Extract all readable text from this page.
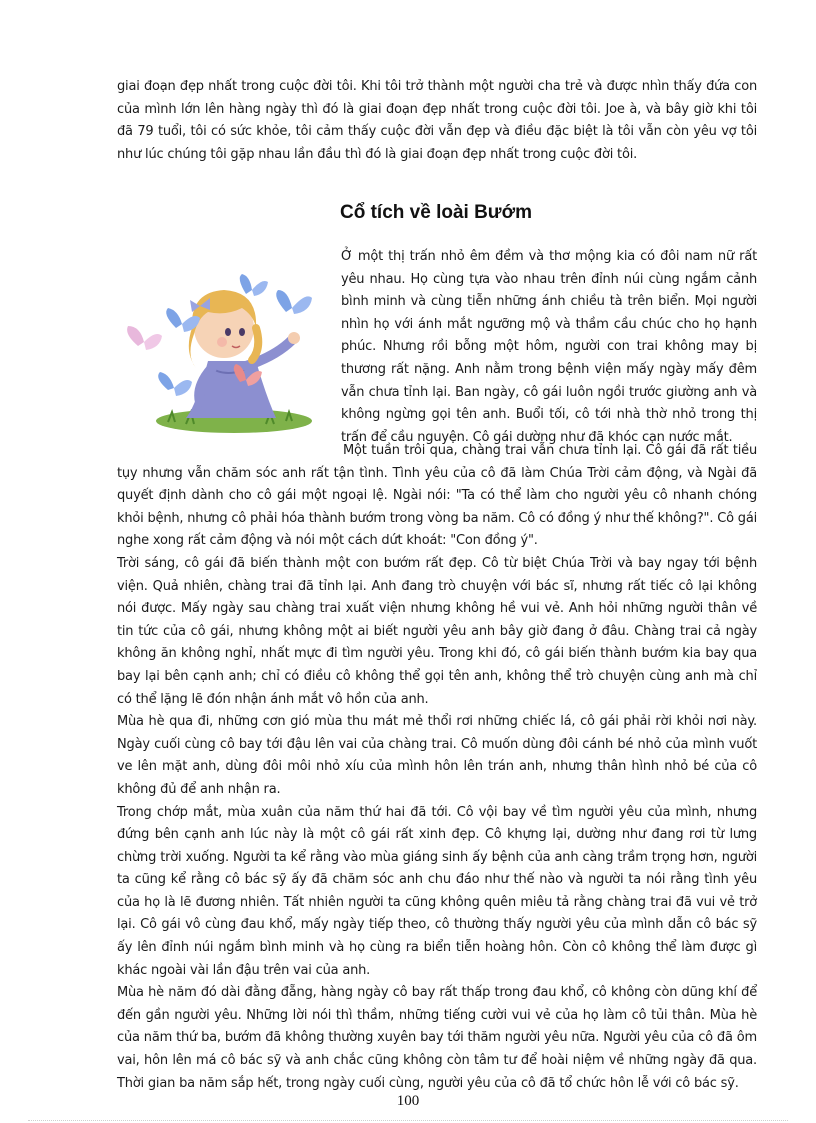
giai đoạn đẹp nhất trong cuộc đời tôi. Khi tôi trở thành một người cha trẻ và được nhìn thấy đứa con của mình lớn lên hàng ngày thì đó là giai đoạn đẹp nhất trong cuộc đời tôi. Joe à, và bây giờ khi tôi đã 79 tuổi, tôi có sức khỏe, tôi cảm thấy cuộc đời vẫn đẹp và điều đặc biệt là tôi vẫn còn yêu vợ tôi như lúc chúng tôi gặp nhau lần đầu thì đó là giai đoạn đẹp nhất trong cuộc đời tôi.

Cổ tích về loài Bướm

Ở một thị trấn nhỏ êm đềm và thơ mộng kia có đôi nam nữ rất yêu nhau. Họ cùng tựa vào nhau trên đỉnh núi cùng ngắm cảnh bình minh và cùng tiễn những ánh chiều tà trên biển. Mọi người nhìn họ với ánh mắt ngưỡng mộ và thầm cầu chúc cho họ hạnh phúc. Nhưng rồi bỗng một hôm, người con trai không may bị thương rất nặng. Anh nằm trong bệnh viện mấy ngày mấy đêm vẫn chưa tỉnh lại. Ban ngày, cô gái luôn ngồi trước giường anh và không ngừng gọi tên anh. Buổi tối, cô tới nhà thờ nhỏ trong thị trấn để cầu nguyện. Cô gái dường như đã khóc cạn nước mắt.

Một tuần trôi qua, chàng trai vẫn chưa tỉnh lại. Cô gái đã rất tiều tụy nhưng vẫn chăm sóc anh rất tận tình. Tình yêu của cô đã làm Chúa Trời cảm động, và Ngài đã quyết định dành cho cô gái một ngoại lệ. Ngài nói: "Ta có thể làm cho người yêu cô nhanh chóng khỏi bệnh, nhưng cô phải hóa thành bướm trong vòng ba năm. Cô có đồng ý như thế không?". Cô gái nghe xong rất cảm động và nói một cách dứt khoát: "Con đồng ý".

Trời sáng, cô gái đã biến thành một con bướm rất đẹp. Cô từ biệt Chúa Trời và bay ngay tới bệnh viện. Quả nhiên, chàng trai đã tỉnh lại. Anh đang trò chuyện với bác sĩ, nhưng rất tiếc cô lại không nói được. Mấy ngày sau chàng trai xuất viện nhưng không hề vui vẻ. Anh hỏi những người thân về tin tức của cô gái, nhưng không một ai biết người yêu anh bây giờ đang ở đâu. Chàng trai cả ngày không ăn không nghỉ, nhất mực đi tìm người yêu. Trong khi đó, cô gái biến thành bướm kia bay qua bay lại bên cạnh anh; chỉ có điều cô không thể gọi tên anh, không thể trò chuyện cùng anh mà chỉ có thể lặng lẽ đón nhận ánh mắt vô hồn của anh.

Mùa hè qua đi, những cơn gió mùa thu mát mẻ thổi rơi những chiếc lá, cô gái phải rời khỏi nơi này. Ngày cuối cùng cô bay tới đậu lên vai của chàng trai. Cô muốn dùng đôi cánh bé nhỏ của mình vuốt ve lên mặt anh, dùng đôi môi nhỏ xíu của mình hôn lên trán anh, nhưng thân hình nhỏ bé của cô không đủ để anh nhận ra.

Trong chớp mắt, mùa xuân của năm thứ hai đã tới. Cô vội bay về tìm người yêu của mình, nhưng đứng bên cạnh anh lúc này là một cô gái rất xinh đẹp. Cô khựng lại, dường như đang rơi từ lưng chừng trời xuống. Người ta kể rằng vào mùa giáng sinh ấy bệnh của anh càng trầm trọng hơn, người ta cũng kể rằng cô bác sỹ ấy đã chăm sóc anh chu đáo như thế nào và người ta nói rằng tình yêu của họ là lẽ đương nhiên. Tất nhiên người ta cũng không quên miêu tả rằng chàng trai đã vui vẻ trở lại. Cô gái vô cùng đau khổ, mấy ngày tiếp theo, cô thường thấy người yêu của mình dẫn cô bác sỹ ấy lên đỉnh núi ngắm bình minh và họ cùng ra biển tiễn hoàng hôn. Còn cô không thể làm được gì khác ngoài vài lần đậu trên vai của anh.

Mùa hè năm đó dài đằng đẵng, hàng ngày cô bay rất thấp trong đau khổ, cô không còn dũng khí để đến gần người yêu. Những lời nói thì thầm, những tiếng cười vui vẻ của họ làm cô tủi thân. Mùa hè của năm thứ ba, bướm đã không thường xuyên bay tới thăm người yêu nữa. Người yêu của cô đã ôm vai, hôn lên má cô bác sỹ và anh chắc cũng không còn tâm tư để hoài niệm về những ngày đã qua. Thời gian ba năm sắp hết, trong ngày cuối cùng, người yêu của cô đã tổ chức hôn lễ với cô bác sỹ.

100
